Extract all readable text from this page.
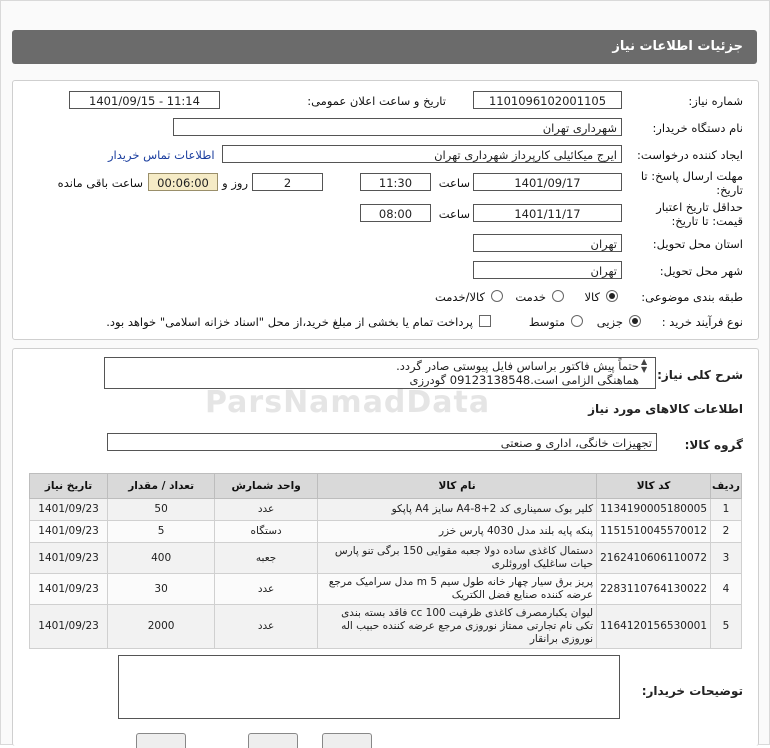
جزئیات اطلاعات نیاز
شماره نیاز:
1101096102001105
تاریخ و ساعت اعلان عمومی:
1401/09/15 - 11:14
نام دستگاه خریدار:
شهرداری تهران
ایجاد کننده درخواست:
ایرج میکائیلی کارپرداز شهرداری تهران
اطلاعات تماس خریدار
مهلت ارسال پاسخ: تا
تاریخ:
1401/09/17
ساعت
11:30
2
روز و
00:06:00
ساعت باقی مانده
حداقل تاریخ اعتبار
قیمت: تا تاریخ:
1401/11/17
ساعت
08:00
استان محل تحویل:
تهران
شهر محل تحویل:
تهران
طبقه بندی موضوعی:
کالا
خدمت
کالا/خدمت
نوع فرآیند خرید :
جزیی
متوسط
پرداخت تمام یا بخشی از مبلغ خرید،از محل "اسناد خزانه اسلامی" خواهد بود.
شرح کلی نیاز:
حتماً پیش فاکتور براساس فایل پیوستی صادر گردد.
هماهنگی الزامی است.09123138548 گودرزی
▲
▼
ParsNamadData	اطلاعات کالاهای مورد نیاز
گروه کالا:
تجهیزات خانگی، اداری و صنعتی
ردیف	کد کالا	نام کالا	واحد شمارش	تعداد / مقدار	تاریخ نیاز
1	1134190005180005	کلیر بوک سمیناری کد 2+8-A4 سایز A4 پاپکو	عدد	50	1401/09/23
2	1151510045570012	پنکه پایه بلند مدل 4030 پارس خزر	دستگاه	5	1401/09/23
3	2162410606110072	دستمال کاغذی ساده دولا جعبه مقوایی 150 برگی تنو پارس حیات ساغلیک اوروئلری	جعبه	400	1401/09/23
4	2283110764130022	پریز برق سیار چهار خانه طول سیم 5 m مدل سرامیک مرجع عرضه کننده صنایع فضل الکتریک	عدد	30	1401/09/23
5	1164120156530001	لیوان یکبارمصرف کاغذی ظرفیت 100 cc فاقد بسته بندی تکی نام تجارتی ممتاز نوروزی مرجع عرضه کننده حبیب اله نوروزی برانقار	عدد	2000	1401/09/23
توضیحات خریدار:
